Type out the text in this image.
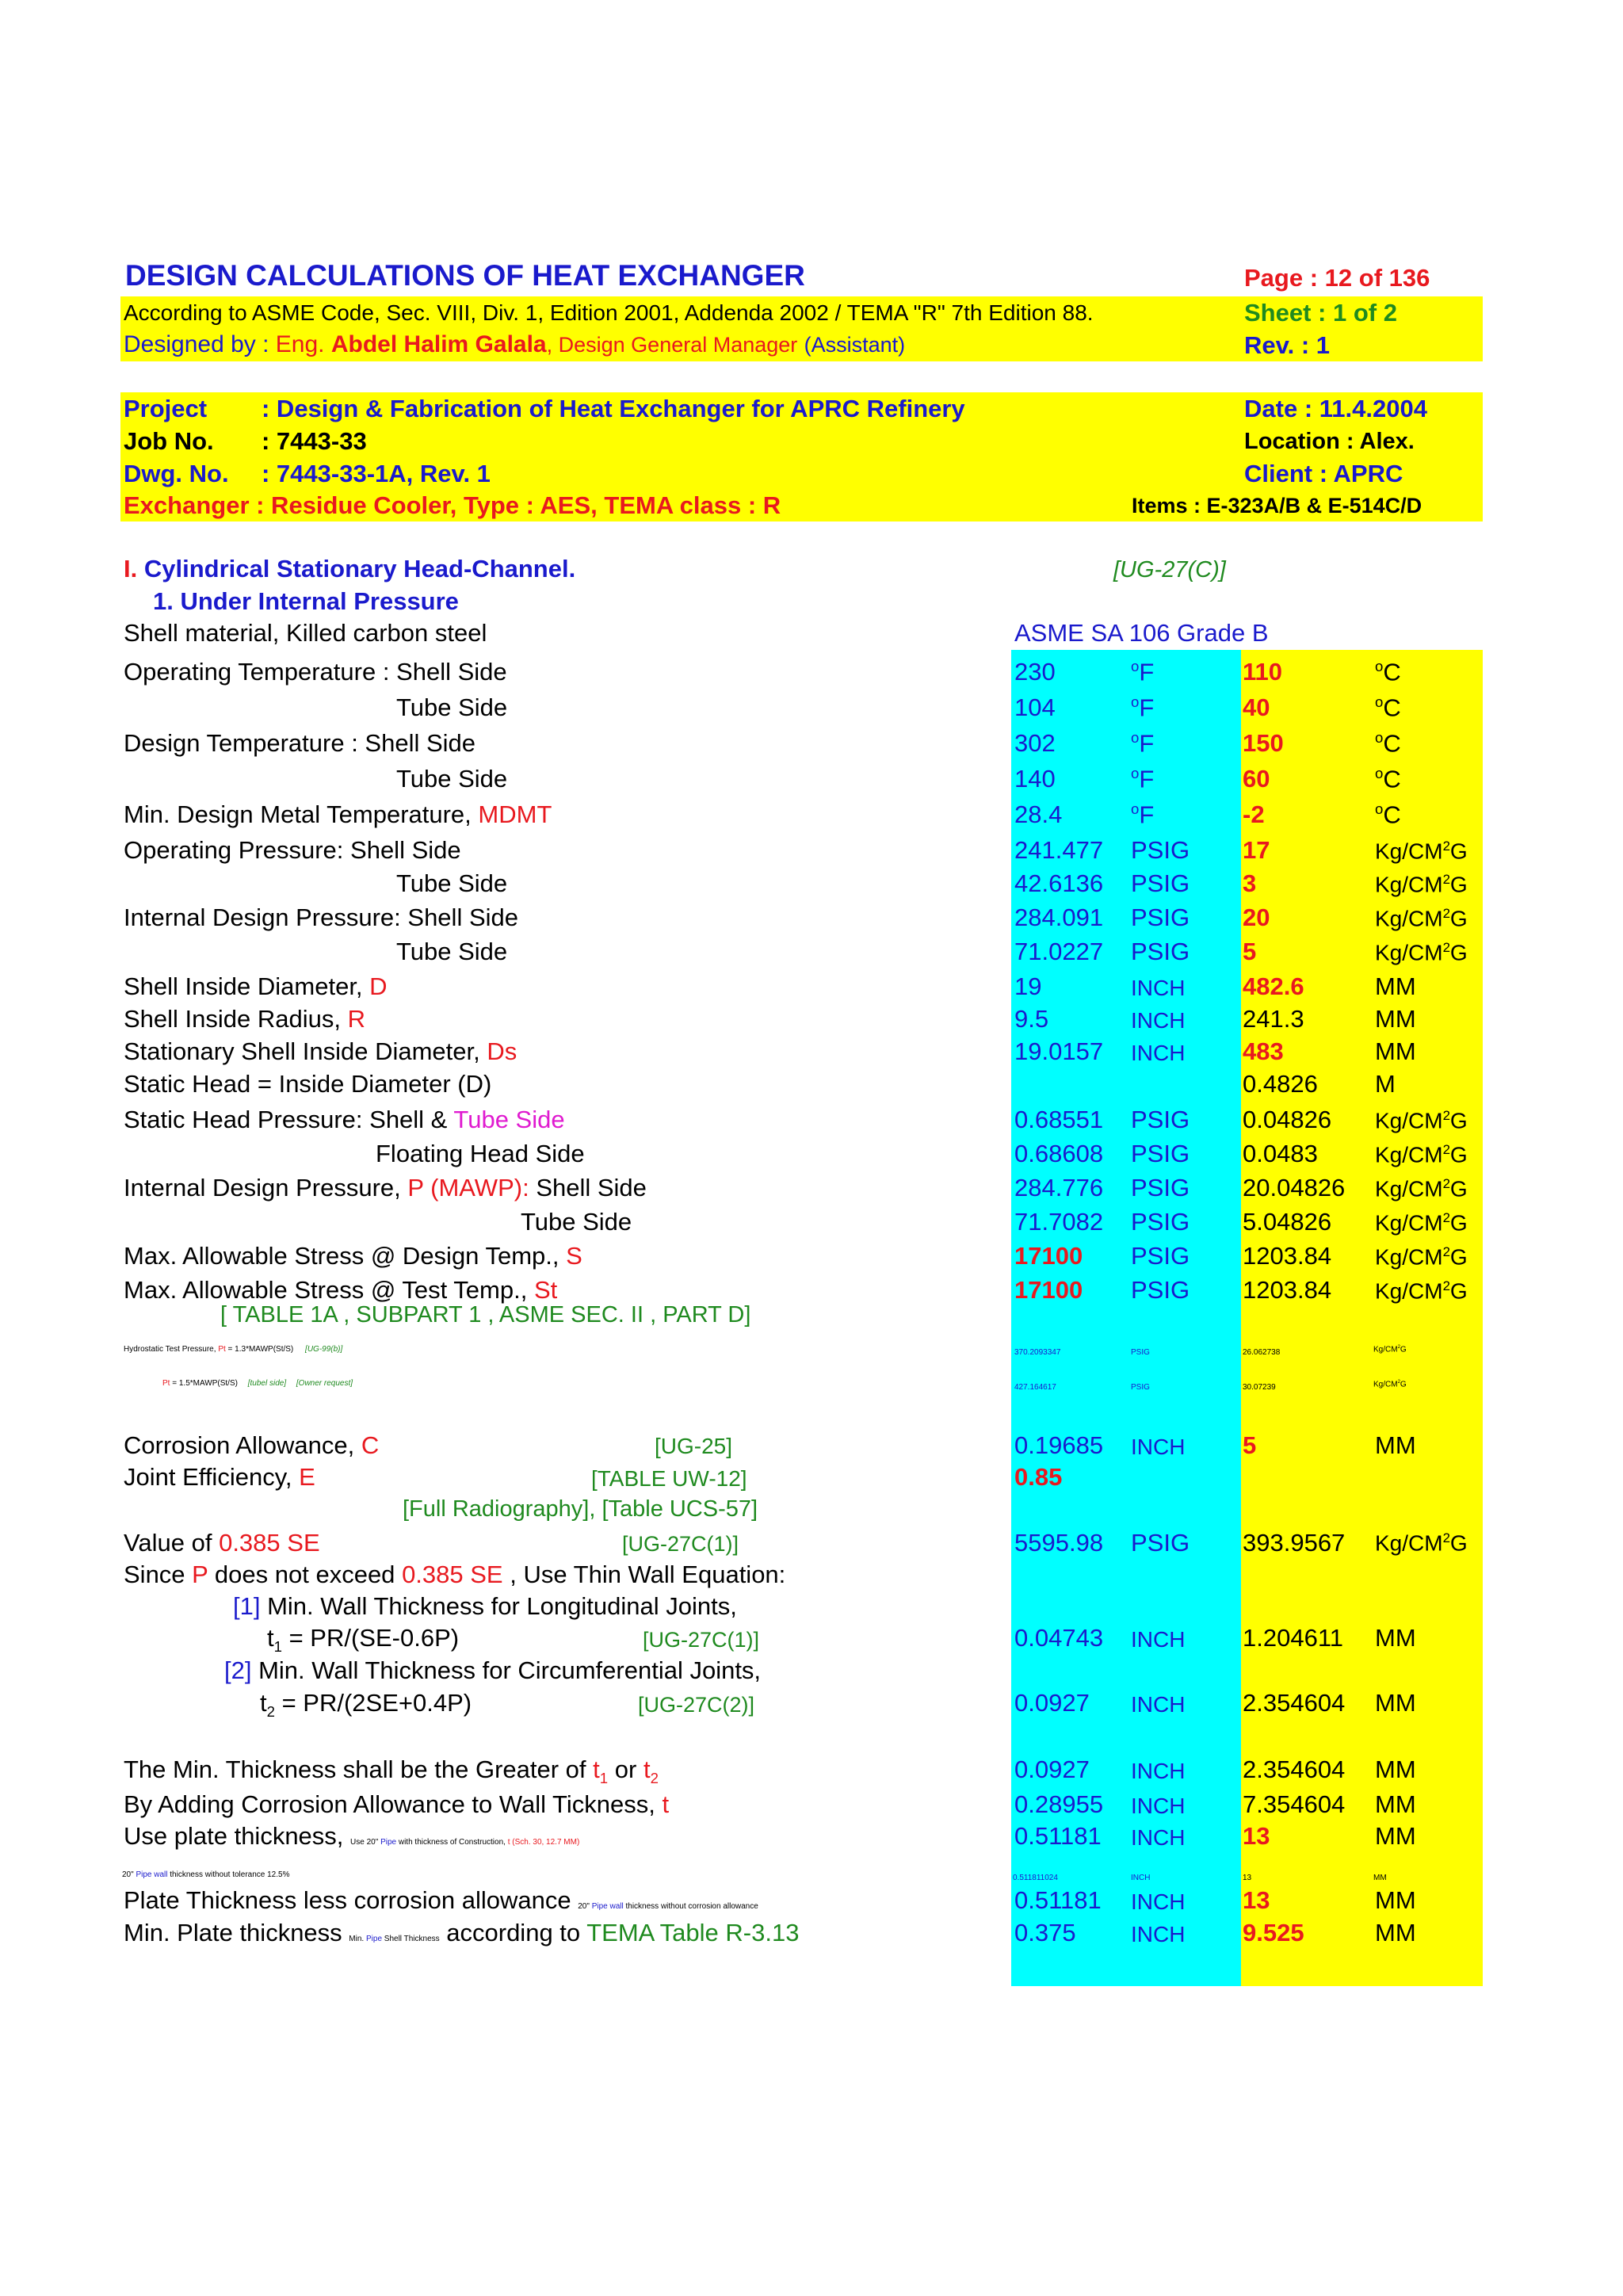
DESIGN CALCULATIONS OF HEAT EXCHANGER	Page : 12 of 136
According to ASME Code, Sec. VIII, Div. 1, Edition 2001, Addenda 2002 / TEMA "R" 7th Edition 88.	Sheet : 1 of 2
Designed by : Eng. Abdel Halim Galala, Design General Manager (Assistant)	Rev. : 1
Project : Design & Fabrication of Heat Exchanger for APRC Refinery	Date : 11.4.2004
Job No. : 7443-33	Location : Alex.
Dwg. No. : 7443-33-1A, Rev. 1	Client : APRC
Exchanger : Residue Cooler, Type : AES, TEMA class : R	Items : E-323A/B & E-514C/D
I. Cylindrical Stationary Head-Channel.	[UG-27(C)]
1. Under Internal Pressure
Shell material, Killed carbon steel	ASME SA 106 Grade B
Operating Temperature : Shell Side	230	$^o$F	110	$^o$C
Tube Side	104	$^o$F	40	$^o$C
Design Temperature : Shell Side	302	$^o$F	150	$^o$C
Tube Side	140	$^o$F	60	$^o$C
Min. Design Metal Temperature, MDMT	28.4	$^o$F	-2	$^o$C
Operating Pressure: Shell Side	241.477 PSIG 17	$Kg/CM^2G$
Tube Side	42.6136 PSIG 3	$Kg/CM^2G$
Internal Design Pressure: Shell Side	284.091 PSIG 20	$Kg/CM^2G$
Tube Side	71.0227 PSIG 5	$Kg/CM^2G$
Shell Inside Diameter, D	19	INCH 482.6	MM
Shell Inside Radius, R	9.5	INCH 241.3	MM
Stationary Shell Inside Diameter, Ds	19.0157 INCH 483	MM
Static Head = Inside Diameter (D)	0.4826 M
Static Head Pressure: Shell & Tube Side	0.68551 PSIG 0.04826 $Kg/CM^2G$
Floating Head Side	0.68608 PSIG 0.0483	$Kg/CM^2G$
Internal Design Pressure, P (MAWP): Shell Side	284.776 PSIG 20.04826 $Kg/CM^2G$
Tube Side	71.7082 PSIG 5.04826 $Kg/CM^2G$
Max. Allowable Stress @ Design Temp., S	17100 PSIG 1203.84 $Kg/CM^2G$
Max. Allowable Stress @ Test Temp., St	17100 PSIG 1203.84 $Kg/CM^2G$
[ TABLE 1A , SUBPART 1 , ASME SEC. II , PART D]
Hydrostatic Test Pressure, Pt = 1.3*MAWP(St/S) [UG-99(b)]	370.2093347	PSIG	26.062738	$Kg/CM^2G$
Pt = 1.5*MAWP(St/S) [tubel side] [Owner request]	427.164617	PSIG	30.07239	$Kg/CM^2G$
Corrosion Allowance, C	[UG-25]	0.19685 INCH 5	MM
Joint Efficiency, E	[TABLE UW-12]	0.85
[Full Radiography], [Table UCS-57]
Value of 0.385 SE	[UG-27C(1)]	5595.98 PSIG 393.9567 $Kg/CM^2G$
Since P does not exceed 0.385 SE , Use Thin Wall Equation:
[1] Min. Wall Thickness for Longitudinal Joints,
$t_1 = PR/(SE-0.6P)$	[UG-27C(1)]	0.04743 INCH 1.204611 MM
[2] Min. Wall Thickness for Circumferential Joints,
$t_2 = PR/(2SE+0.4P)$	[UG-27C(2)]	0.0927 INCH 2.354604 MM
The Min. Thickness shall be the Greater of $t_1$ or $t_2$	0.0927 INCH 2.354604 MM
By Adding Corrosion Allowance to Wall Tickness, t	0.28955 INCH 7.354604 MM
Use plate thickness, Use 20" Pipe with thickness of Construction, t (Sch. 30, 12.7 MM)	0.51181 INCH 13	MM
20" Pipe wall thickness without tolerance 12.5%	0.511811024	INCH	13	MM
Plate Thickness less corrosion allowance 20" Pipe wall thickness without corrosion allowance	0.51181 INCH 13	MM
Min. Plate thickness Min. Pipe Shell Thickness according to TEMA Table R-3.13	0.375 INCH 9.525	MM
